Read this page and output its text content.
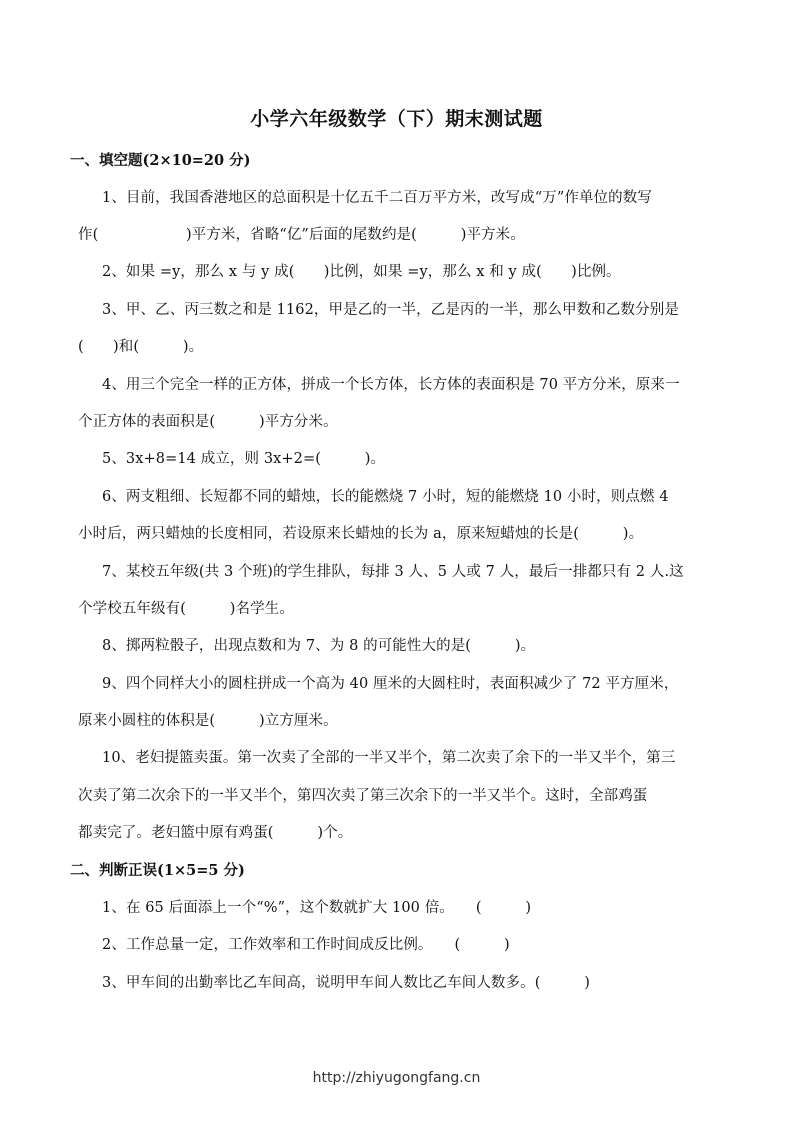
小学六年级数学（下）期末测试题
一、填空题(2×10=20 分)
1、目前，我国香港地区的总面积是十亿五千二百万平方米，改写成“万”作单位的数写
作(　　　　　　)平方米，省略“亿”后面的尾数约是(　　　)平方米。
2、如果 =y，那么 x 与 y 成(　　)比例，如果 =y，那么 x 和 y 成(　　)比例。
3、甲、乙、丙三数之和是 1162，甲是乙的一半，乙是丙的一半，那么甲数和乙数分别是
(　　)和(　　　)。
4、用三个完全一样的正方体，拼成一个长方体，长方体的表面积是 70 平方分米，原来一
个正方体的表面积是(　　　)平方分米。
5、3x+8=14 成立，则 3x+2=(　　　)。
6、两支粗细、长短都不同的蜡烛，长的能燃烧 7 小时，短的能燃烧 10 小时，则点燃 4
小时后，两只蜡烛的长度相同，若设原来长蜡烛的长为 a，原来短蜡烛的长是(　　　)。
7、某校五年级(共 3 个班)的学生排队，每排 3 人、5 人或 7 人，最后一排都只有 2 人.这
个学校五年级有(　　　)名学生。
8、掷两粒骰子，出现点数和为 7、为 8 的可能性大的是(　　　)。
9、四个同样大小的圆柱拼成一个高为 40 厘米的大圆柱时，表面积减少了 72 平方厘米，
原来小圆柱的体积是(　　　)立方厘米。
10、老妇提篮卖蛋。第一次卖了全部的一半又半个，第二次卖了余下的一半又半个，第三
次卖了第二次余下的一半又半个，第四次卖了第三次余下的一半又半个。这时，全部鸡蛋
都卖完了。老妇篮中原有鸡蛋(　　　)个。
二、判断正误(1×5=5 分)
1、在 65 后面添上一个“%”，这个数就扩大 100 倍。　　(　　　)
2、工作总量一定，工作效率和工作时间成反比例。　　(　　　)
3、甲车间的出勤率比乙车间高，说明甲车间人数比乙车间人数多。(　　　)
http://zhiyugongfang.cn
